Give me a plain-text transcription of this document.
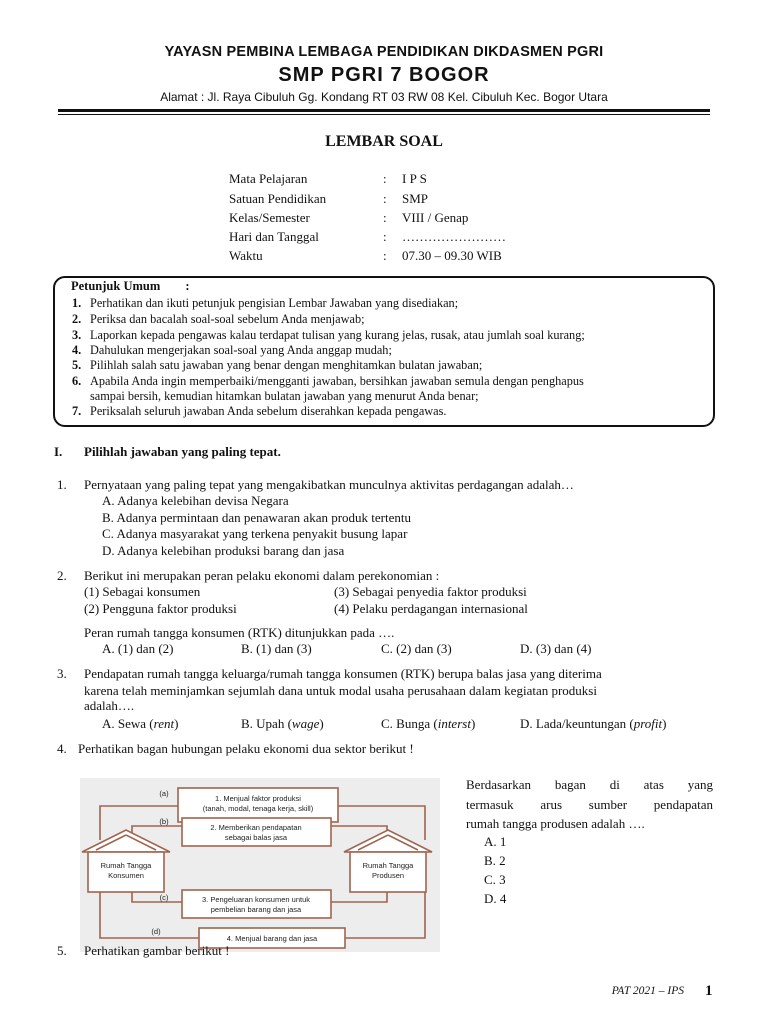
YAYASN PEMBINA LEMBAGA PENDIDIKAN DIKDASMEN PGRI
SMP PGRI 7 BOGOR
Alamat : Jl. Raya Cibuluh Gg. Kondang RT 03 RW 08 Kel. Cibuluh Kec. Bogor Utara
LEMBAR SOAL
Mata Pelajaran	: I P S
Satuan Pendidikan	: SMP
Kelas/Semester	: VIII / Genap
Hari dan Tanggal	: ……………………
Waktu	: 07.30 – 09.30 WIB
Petunjuk Umum :
1. Perhatikan dan ikuti petunjuk pengisian Lembar Jawaban yang disediakan;
2. Periksa dan bacalah soal-soal sebelum Anda menjawab;
3. Laporkan kepada pengawas kalau terdapat tulisan yang kurang jelas, rusak, atau jumlah soal kurang;
4. Dahulukan mengerjakan soal-soal yang Anda anggap mudah;
5. Pilihlah salah satu jawaban yang benar dengan menghitamkan bulatan jawaban;
6. Apabila Anda ingin memperbaiki/mengganti jawaban, bersihkan jawaban semula dengan penghapus
sampai bersih, kemudian hitamkan bulatan jawaban yang menurut Anda benar;
7. Periksalah seluruh jawaban Anda sebelum diserahkan kepada pengawas.
I. Pilihlah jawaban yang paling tepat.
1. Pernyataan yang paling tepat yang mengakibatkan munculnya aktivitas perdagangan adalah…
A. Adanya kelebihan devisa Negara
B. Adanya permintaan dan penawaran akan produk tertentu
C. Adanya masyarakat yang terkena penyakit busung lapar
D. Adanya kelebihan produksi barang dan jasa
2. Berikut ini merupakan peran pelaku ekonomi dalam perekonomian :
(1) Sebagai konsumen	(3) Sebagai penyedia faktor produksi
(2) Pengguna faktor produksi	(4) Pelaku perdagangan internasional
Peran rumah tangga konsumen (RTK) ditunjukkan pada ….
A. (1) dan (2)	B. (1) dan (3)	C. (2) dan (3)	D. (3) dan (4)
3. Pendapatan rumah tangga keluarga/rumah tangga konsumen (RTK) berupa balas jasa yang diterima
karena telah meminjamkan sejumlah dana untuk modal usaha perusahaan dalam kegiatan produksi
adalah….
A. Sewa (rent)	B. Upah (wage)	C. Bunga (interst)	D. Lada/keuntungan (profit)
4. Perhatikan bagan hubungan pelaku ekonomi dua sektor berikut !
1. Menjual faktor produksi
(tanah, modal, tenaga kerja, skill)
2. Memberikan pendapatan
sebagai balas jasa
3. Pengeluaran konsumen untuk
pembelian barang dan jasa
4. Menjual barang dan jasa
Rumah Tangga
Konsumen
Rumah Tangga
Produsen
(a)
(b)
(c)
(d)
Berdasarkan bagan di atas yang
termasuk arus sumber pendapatan
rumah tangga produsen adalah ….
A. 1
B. 2
C. 3
D. 4
5. Perhatikan gambar berikut !
PAT 2021 – IPS 1
